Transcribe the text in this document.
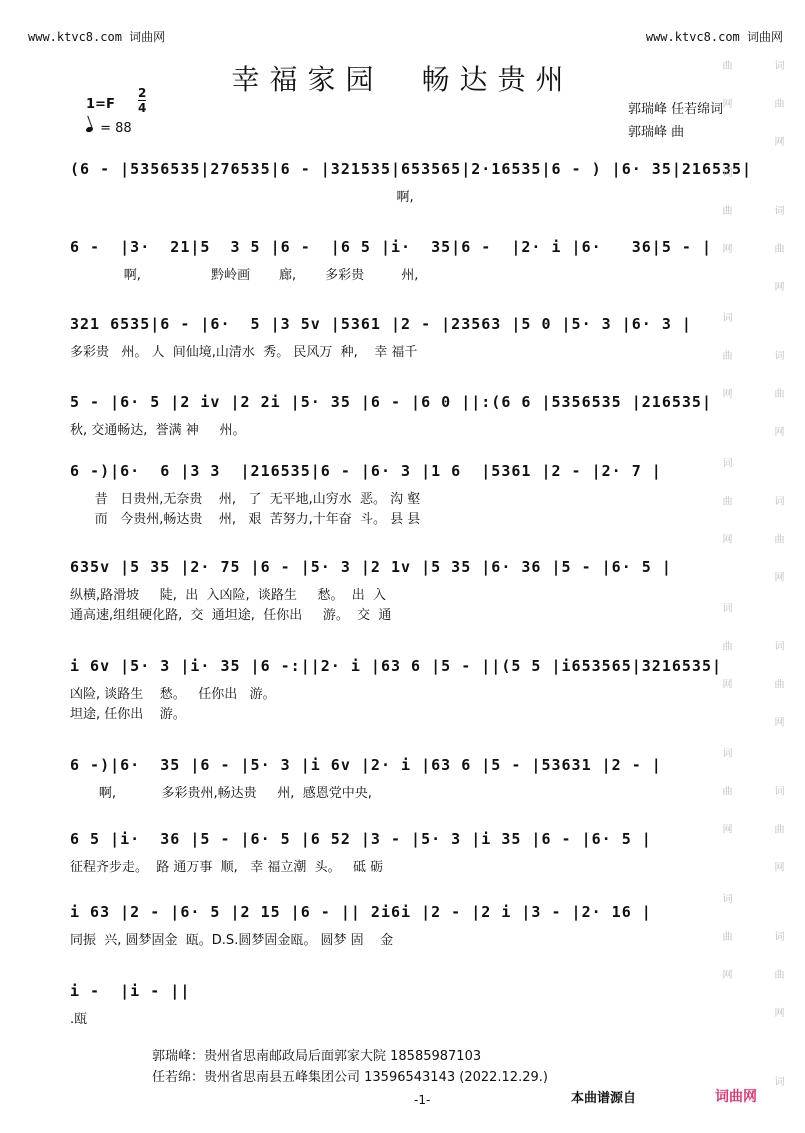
www.ktvc8.com 词曲网	www.ktvc8.com 词曲网
幸福家园　畅达贵州
1=F
2
4
= 88
郭瑞峰 任若绵词
郭瑞峰 曲
(6 - |5356535|276535|6 - |321535|653565|2·16535|6 - ) |6· 35|216535|
啊,
6 -  |3·  21|5  3 5 |6 -  |6 5 |i·  35|6 -  |2· i |6·   36|5 - |
啊,                 黔岭画       廊,       多彩贵         州,
321 6535|6 - |6·  5 |3 5v |5361 |2 - |23563 |5 0 |5· 3 |6· 3 |
多彩贵   州。 人  间仙境,山清水  秀。 民风万  种,    幸 福千
5 - |6· 5 |2 iv |2 2i |5· 35 |6 - |6 0 ||:(6 6 |5356535 |216535|
秋, 交通畅达,  誉满 神     州。
6 -)|6·  6 |3 3  |216535|6 - |6· 3 |1 6  |5361 |2 - |2· 7 |
昔   日贵州,无奈贵    州,   了  无平地,山穷水  恶。 沟 壑
而   今贵州,畅达贵    州,   艰  苦努力,十年奋  斗。 县 县
635v |5 35 |2· 75 |6 - |5· 3 |2 1v |5 35 |6· 36 |5 - |6· 5 |
纵横,路滑坡     陡,  出  入凶险,  谈路生     愁。  出  入
通高速,组组硬化路,  交  通坦途,  任你出     游。  交  通
i 6v |5· 3 |i· 35 |6 -:||2· i |63 6 |5 - ||(5 5 |i653565|3216535|
凶险, 谈路生    愁。   任你出   游。
坦途, 任你出    游。
6 -)|6·  35 |6 - |5· 3 |i 6v |2· i |63 6 |5 - |53631 |2 - |
啊,           多彩贵州,畅达贵     州,  感恩党中央,
6 5 |i·  36 |5 - |6· 5 |6 52 |3 - |5· 3 |i 35 |6 - |6· 5 |
征程齐步走。  路 通万事  顺,   幸 福立潮  头。   砥 砺
i 63 |2 - |6· 5 |2 15 |6 - || 2i6i |2 - |2 i |3 - |2· 16 |
同振  兴, 圆梦固金  瓯。D.S.圆梦固金瓯。 圆梦 固    金
i -  |i - ||
.瓯
郭瑞峰：贵州省思南邮政局后面郭家大院 18585987103
任若绵：贵州省思南县五峰集团公司 13596543143 (2022.12.29.)
-1-	本曲谱源自	词曲网 词曲网 词曲网 词曲网 词曲网 词曲网 词曲网 词曲网 词曲网 词曲网 词曲网 词曲网 词曲网 词曲网 词曲网
